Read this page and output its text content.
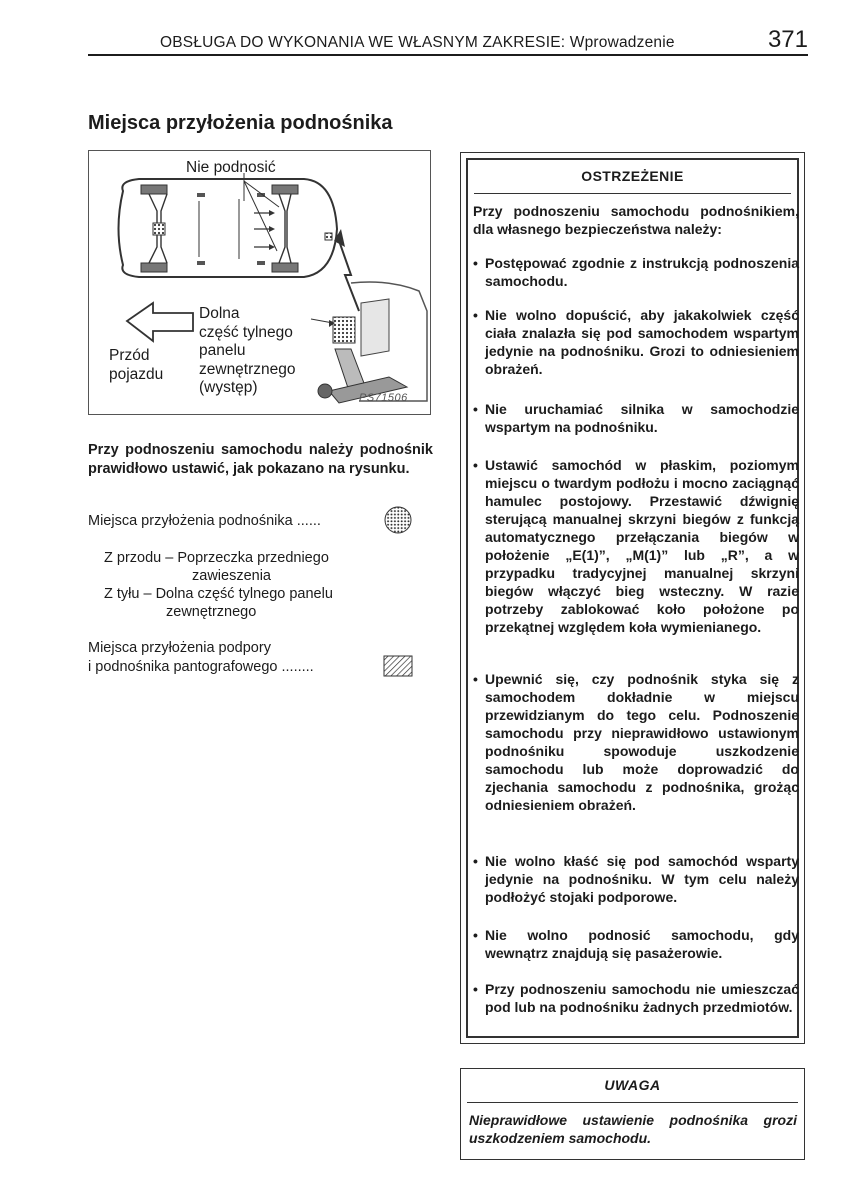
OBSŁUGA DO WYKONANIA WE WŁASNYM ZAKRESIE: Wprowadzenie	371
Miejsca przyłożenia podnośnika
Nie podnosić
Dolna
część tylnego
panelu
zewnętrznego
(występ)
Przód
pojazdu
PS71506
Przy podnoszeniu samochodu należy podnośnik prawidłowo ustawić, jak pokazano na rysunku.
Miejsca przyłożenia podnośnika ......
Z przodu – Poprzeczka przedniego
zawieszenia
Z tyłu – Dolna część tylnego panelu
zewnętrznego
Miejsca przyłożenia podpory
i podnośnika pantografowego ........
OSTRZEŻENIE
Przy podnoszeniu samochodu podnośnikiem, dla własnego bezpieczeństwa należy:
• Postępować zgodnie z instrukcją podnoszenia samochodu.
• Nie wolno dopuścić, aby jakakolwiek część ciała znalazła się pod samochodem wspartym jedynie na podnośniku. Grozi to odniesieniem obrażeń.
• Nie uruchamiać silnika w samochodzie wspartym na podnośniku.
• Ustawić samochód w płaskim, poziomym miejscu o twardym podłożu i mocno zaciągnąć hamulec postojowy. Przestawić dźwignię sterującą manualnej skrzyni biegów z funkcją automatycznego przełączania biegów w położenie „E(1)”, „M(1)” lub „R”, a w przypadku tradycyjnej manualnej skrzyni biegów włączyć bieg wsteczny. W razie potrzeby zablokować koło położone po przekątnej względem koła wymienianego.
• Upewnić się, czy podnośnik styka się z samochodem dokładnie w miejscu przewidzianym do tego celu. Podnoszenie samochodu przy nieprawidłowo ustawionym podnośniku spowoduje uszkodzenie samochodu lub może doprowadzić do zjechania samochodu z podnośnika, grożąc odniesieniem obrażeń.
• Nie wolno kłaść się pod samochód wsparty jedynie na podnośniku. W tym celu należy podłożyć stojaki podporowe.
• Nie wolno podnosić samochodu, gdy wewnątrz znajdują się pasażerowie.
• Przy podnoszeniu samochodu nie umieszczać pod lub na podnośniku żadnych przedmiotów.
UWAGA
Nieprawidłowe ustawienie podnośnika grozi uszkodzeniem samochodu.
